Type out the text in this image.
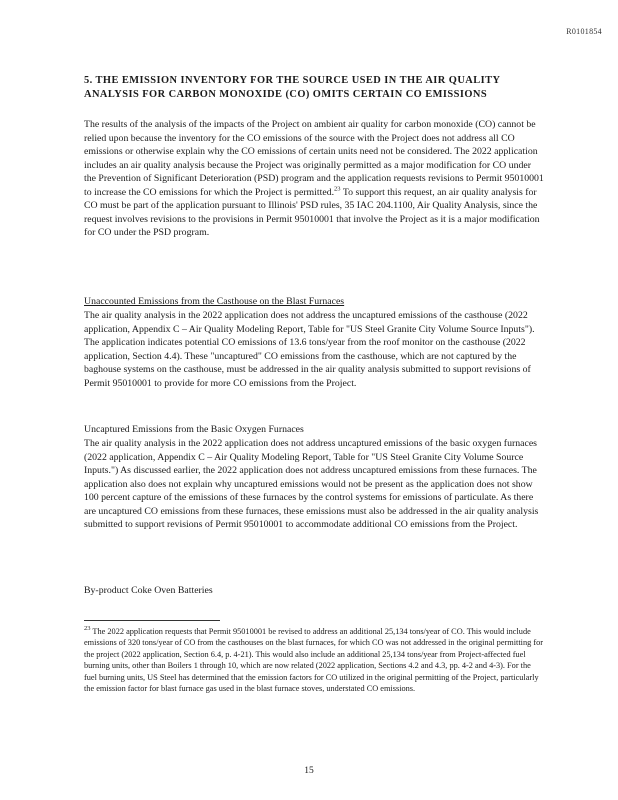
R0101854
5. THE EMISSION INVENTORY FOR THE SOURCE USED IN THE AIR QUALITY ANALYSIS FOR CARBON MONOXIDE (CO) OMITS CERTAIN CO EMISSIONS

The results of the analysis of the impacts of the Project on ambient air quality for carbon monoxide (CO) cannot be relied upon because the inventory for the CO emissions of the source with the Project does not address all CO emissions or otherwise explain why the CO emissions of certain units need not be considered. The 2022 application includes an air quality analysis because the Project was originally permitted as a major modification for CO under the Prevention of Significant Deterioration (PSD) program and the application requests revisions to Permit 95010001 to increase the CO emissions for which the Project is permitted.$^{23}$ To support this request, an air quality analysis for CO must be part of the application pursuant to Illinois' PSD rules, 35 IAC 204.1100, Air Quality Analysis, since the request involves revisions to the provisions in Permit 95010001 that involve the Project as it is a major modification for CO under the PSD program.

Unaccounted Emissions from the Casthouse on the Blast Furnaces

The air quality analysis in the 2022 application does not address the uncaptured emissions of the casthouse (2022 application, Appendix C – Air Quality Modeling Report, Table for "US Steel Granite City Volume Source Inputs"). The application indicates potential CO emissions of 13.6 tons/year from the roof monitor on the casthouse (2022 application, Section 4.4). These "uncaptured" CO emissions from the casthouse, which are not captured by the baghouse systems on the casthouse, must be addressed in the air quality analysis submitted to support revisions of Permit 95010001 to provide for more CO emissions from the Project.

Uncaptured Emissions from the Basic Oxygen Furnaces

The air quality analysis in the 2022 application does not address uncaptured emissions of the basic oxygen furnaces (2022 application, Appendix C – Air Quality Modeling Report, Table for "US Steel Granite City Volume Source Inputs.") As discussed earlier, the 2022 application does not address uncaptured emissions from these furnaces. The application also does not explain why uncaptured emissions would not be present as the application does not show 100 percent capture of the emissions of these furnaces by the control systems for emissions of particulate. As there are uncaptured CO emissions from these furnaces, these emissions must also be addressed in the air quality analysis submitted to support revisions of Permit 95010001 to accommodate additional CO emissions from the Project.

By-product Coke Oven Batteries

$^{23}$ The 2022 application requests that Permit 95010001 be revised to address an additional 25,134 tons/year of CO. This would include emissions of 320 tons/year of CO from the casthouses on the blast furnaces, for which CO was not addressed in the original permitting for the project (2022 application, Section 6.4, p. 4-21). This would also include an additional 25,134 tons/year from Project-affected fuel burning units, other than Boilers 1 through 10, which are now related (2022 application, Sections 4.2 and 4.3, pp. 4-2 and 4-3). For the fuel burning units, US Steel has determined that the emission factors for CO utilized in the original permitting of the Project, particularly the emission factor for blast furnace gas used in the blast furnace stoves, understated CO emissions.

15
